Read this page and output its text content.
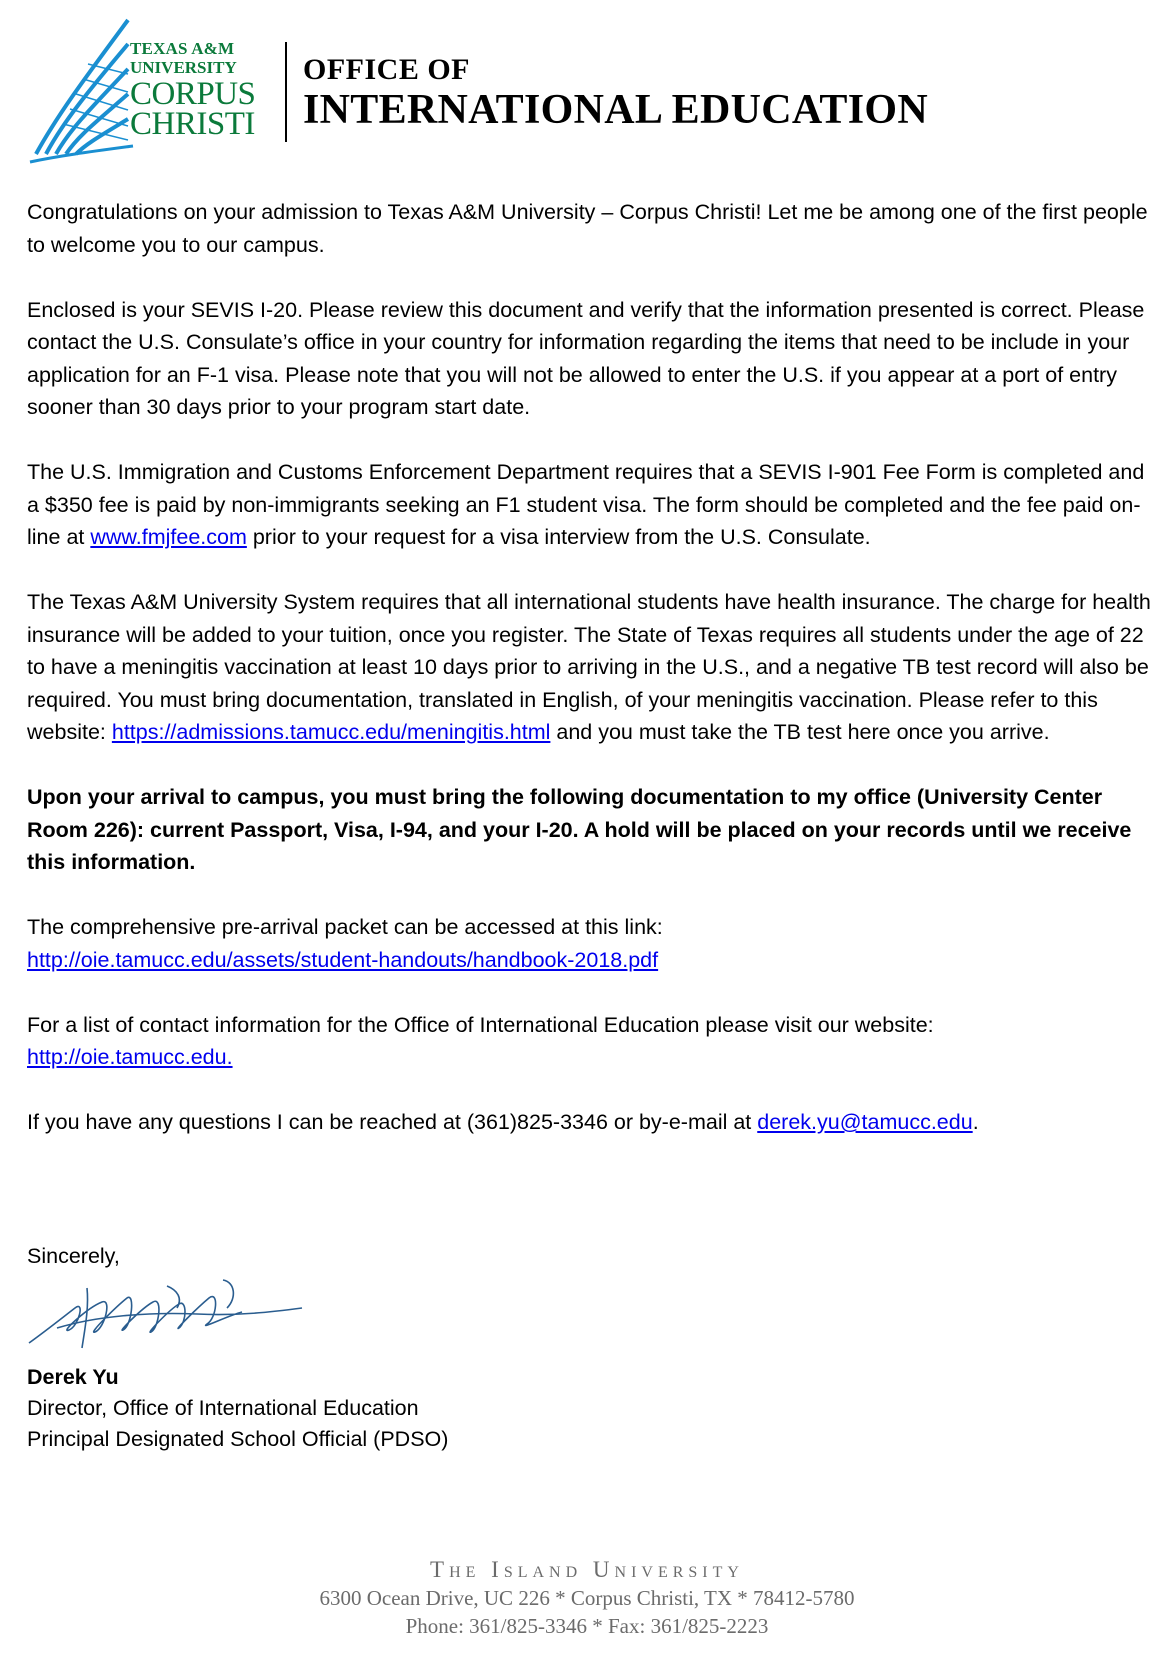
TEXAS A&M
UNIVERSITY
CORPUS
CHRISTI
OFFICE OF
INTERNATIONAL EDUCATION

Congratulations on your admission to Texas A&M University – Corpus Christi! Let me be among one of the first people to welcome you to our campus.

Enclosed is your SEVIS I-20. Please review this document and verify that the information presented is correct. Please contact the U.S. Consulate’s office in your country for information regarding the items that need to be include in your application for an F-1 visa. Please note that you will not be allowed to enter the U.S. if you appear at a port of entry sooner than 30 days prior to your program start date.

The U.S. Immigration and Customs Enforcement Department requires that a SEVIS I-901 Fee Form is completed and a $350 fee is paid by non-immigrants seeking an F1 student visa. The form should be completed and the fee paid on-line at www.fmjfee.com prior to your request for a visa interview from the U.S. Consulate.

The Texas A&M University System requires that all international students have health insurance. The charge for health insurance will be added to your tuition, once you register. The State of Texas requires all students under the age of 22 to have a meningitis vaccination at least 10 days prior to arriving in the U.S., and a negative TB test record will also be required. You must bring documentation, translated in English, of your meningitis vaccination. Please refer to this website: https://admissions.tamucc.edu/meningitis.html and you must take the TB test here once you arrive.

Upon your arrival to campus, you must bring the following documentation to my office (University Center Room 226): current Passport, Visa, I-94, and your I-20. A hold will be placed on your records until we receive this information.

The comprehensive pre-arrival packet can be accessed at this link:
http://oie.tamucc.edu/assets/student-handouts/handbook-2018.pdf

For a list of contact information for the Office of International Education please visit our website:
http://oie.tamucc.edu.

If you have any questions I can be reached at (361)825-3346 or by-e-mail at derek.yu@tamucc.edu.

Sincerely,
Derek Yu
Director, Office of International Education
Principal Designated School Official (PDSO)
The Island University
6300 Ocean Drive, UC 226 * Corpus Christi, TX * 78412-5780
Phone: 361/825-3346 * Fax: 361/825-2223
